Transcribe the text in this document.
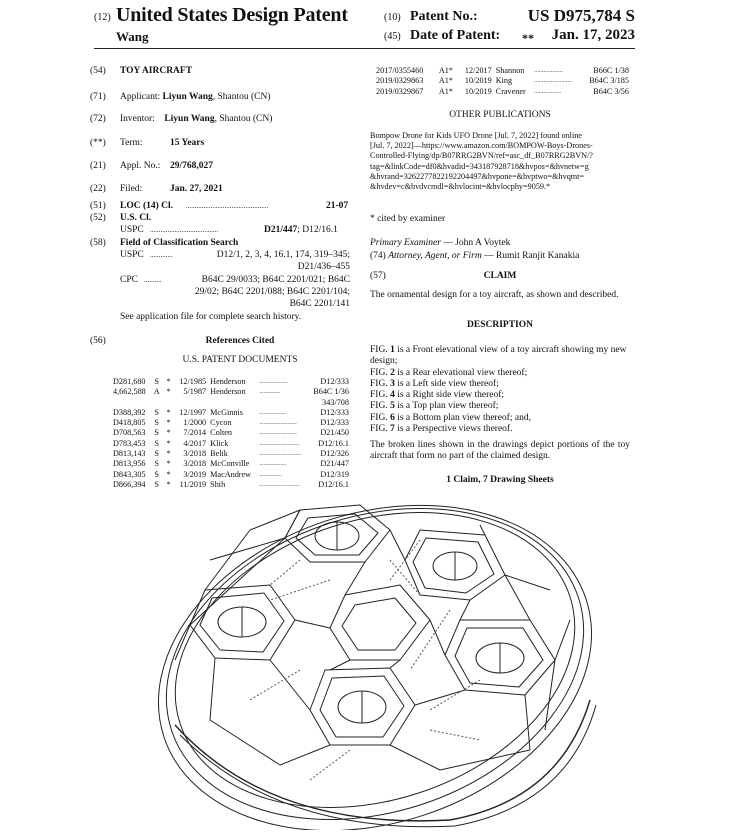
(12) United States Design Patent
Wang
(10) Patent No.:	US D975,784 S
(45) Date of Patent: ** Jan. 17, 2023
(54)	TOY AIRCRAFT
(71)	Applicant: Liyun Wang, Shantou (CN)
(72)	Inventor: Liyun Wang, Shantou (CN)
(**)	Term:	15 Years
(21)	Appl. No.: 29/768,027
(22)	Filed:	Jan. 27, 2021
(51)	LOC (14) Cl. ...............................................	21-07
(52)	U.S. Cl.
USPC .......................................	D21/447; D12/16.1
(58)	Field of Classification Search
USPC .............	D12/1, 2, 3, 4, 16.1, 174, 319–345;
D21/436–455
CPC ..........	B64C 29/0033; B64C 2201/021; B64C
29/02; B64C 2201/088; B64C 2201/104;
B64C 2201/141
See application file for complete search history.
(56)	References Cited
U.S. PATENT DOCUMENTS
D281,680	S	*	12/1985	Henderson	...................	D12/333
4,662,588	A	*	5/1987	Henderson	..............	B64C 1/36
343/708						
D388,392	S	*	12/1997	McGinnis	..................	D12/333
D418,805	S	*	1/2000	Cycon	.........................	D12/333
D708,563	S	*	7/2014	Colten	.........................	D21/450
D783,453	S	*	4/2017	Klick	...........................	D12/16.1
D813,143	S	*	3/2018	Belik	............................	D12/326
D813,956	S	*	3/2018	McConville	..................	D21/447
D843,305	S	*	3/2019	MacAndrew	...............	D12/319
D866,394	S	*	11/2019	Shih	...........................	D12/16.1
2017/0355460	A1*	12/2017	Shannon	...................	B66C 1/38
2019/0329863	A1*	10/2019	King	.........................	B64C 3/185
2019/0329867	A1*	10/2019	Cravener	..................	B64C 3/56
OTHER PUBLICATIONS
Bompow Drone for Kids UFO Drone [Jul. 7, 2022] found online
[Jul. 7, 2022]—https://www.amazon.com/BOMPOW-Boys-Drones-
Controlled-Flying/dp/B07RRG2BVN/ref=asc_df_B07RRG2BVN/?
tag=&linkCode=df0&hvadid=343187928718&hvpos=&hvnetw=g
&hvrand=3262277822192204497&hvpone=&hvptwo=&hvqmt=
&hvdev=c&hvdvcmdl=&hvlocint=&hvlocphy=9059.*
* cited by examiner
Primary Examiner — John A Voytek
(74) Attorney, Agent, or Firm — Rumit Ranjit Kanakia
(57)	CLAIM
The ornamental design for a toy aircraft, as shown and described.
DESCRIPTION
FIG. 1 is a Front elevational view of a toy aircraft showing my new design;
FIG. 2 is a Rear elevational view thereof;
FIG. 3 is a Left side view thereof;
FIG. 4 is a Right side view thereof;
FIG. 5 is a Top plan view thereof;
FIG. 6 is a Bottom plan view thereof; and,
FIG. 7 is a Perspective views thereof.
The broken lines shown in the drawings depict portions of the toy aircraft that form no part of the claimed design.
1 Claim, 7 Drawing Sheets
